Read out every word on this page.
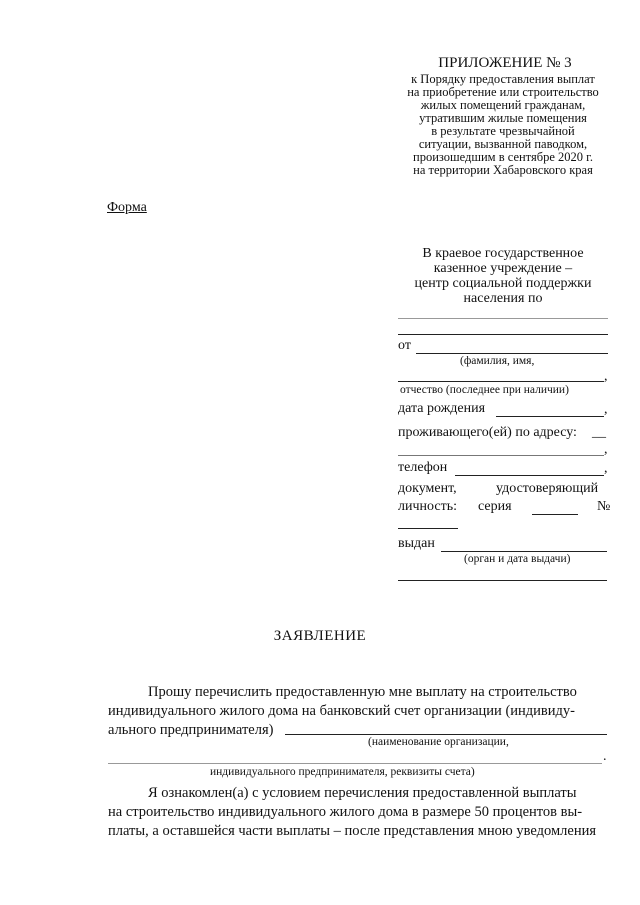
ПРИЛОЖЕНИЕ № 3
к Порядку предоставления выплат
на приобретение или строительство
жилых помещений гражданам,
утратившим жилые помещения
в результате чрезвычайной
ситуации, вызванной паводком,
произошедшим в сентябре 2020 г.
на территории Хабаровского края
Форма
В краевое государственное
казенное учреждение –
центр социальной поддержки
населения по
от
(фамилия, имя,
,
отчество (последнее при наличии)
дата рождения	,
проживающего(ей) по адресу: __
,
телефон	,
документ,	удостоверяющий
личность: серия	№
выдан
(орган и дата выдачи)
ЗАЯВЛЕНИЕ
Прошу перечислить предоставленную мне выплату на строительство
индивидуального жилого дома на банковский счет организации (индивиду-
ального предпринимателя)
(наименование организации,
.
индивидуального предпринимателя, реквизиты счета)
Я ознакомлен(а) с условием перечисления предоставленной выплаты
на строительство индивидуального жилого дома в размере 50 процентов вы-
платы, а оставшейся части выплаты – после представления мною уведомления
